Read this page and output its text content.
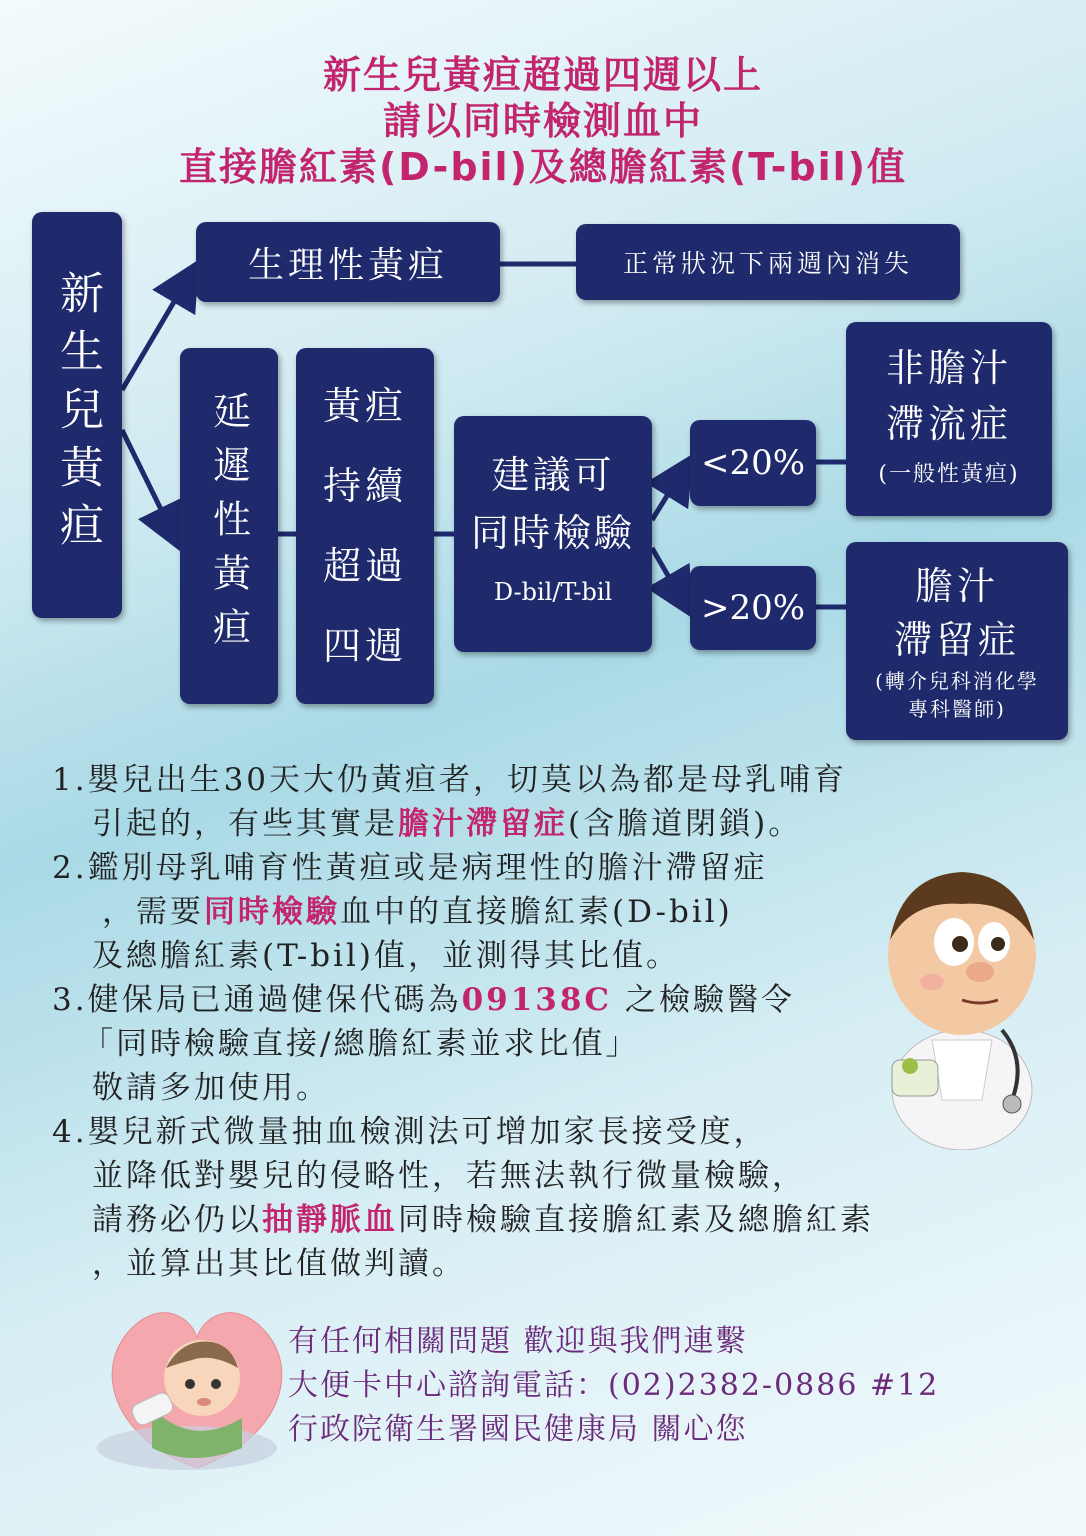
新生兒黃疸超過四週以上
請以同時檢測血中
直接膽紅素(D-bil)及總膽紅素(T-bil)值
新生兒黃疸
生理性黃疸	正常狀況下兩週內消失
延遲性黃疸 黃疸
持續
超過
四週
建議可
同時檢驗
D-bil/T-bil
<20%
>20%
非膽汁
滯流症
(一般性黃疸)
膽汁
滯留症
(轉介兒科消化學
專科醫師)

1.嬰兒出生30天大仍黃疸者，切莫以為都是母乳哺育

引起的，有些其實是膽汁滯留症(含膽道閉鎖)。

2.鑑別母乳哺育性黃疸或是病理性的膽汁滯留症

，需要同時檢驗血中的直接膽紅素(D-bil)

及總膽紅素(T-bil)值，並測得其比值。

3.健保局已通過健保代碼為09138C 之檢驗醫令

「同時檢驗直接/總膽紅素並求比值」

敬請多加使用。

4.嬰兒新式微量抽血檢測法可增加家長接受度，

並降低對嬰兒的侵略性，若無法執行微量檢驗，

請務必仍以抽靜脈血同時檢驗直接膽紅素及總膽紅素

，並算出其比值做判讀。

有任何相關問題 歡迎與我們連繫

大便卡中心諮詢電話：(02)2382-0886 #12

行政院衛生署國民健康局 關心您
